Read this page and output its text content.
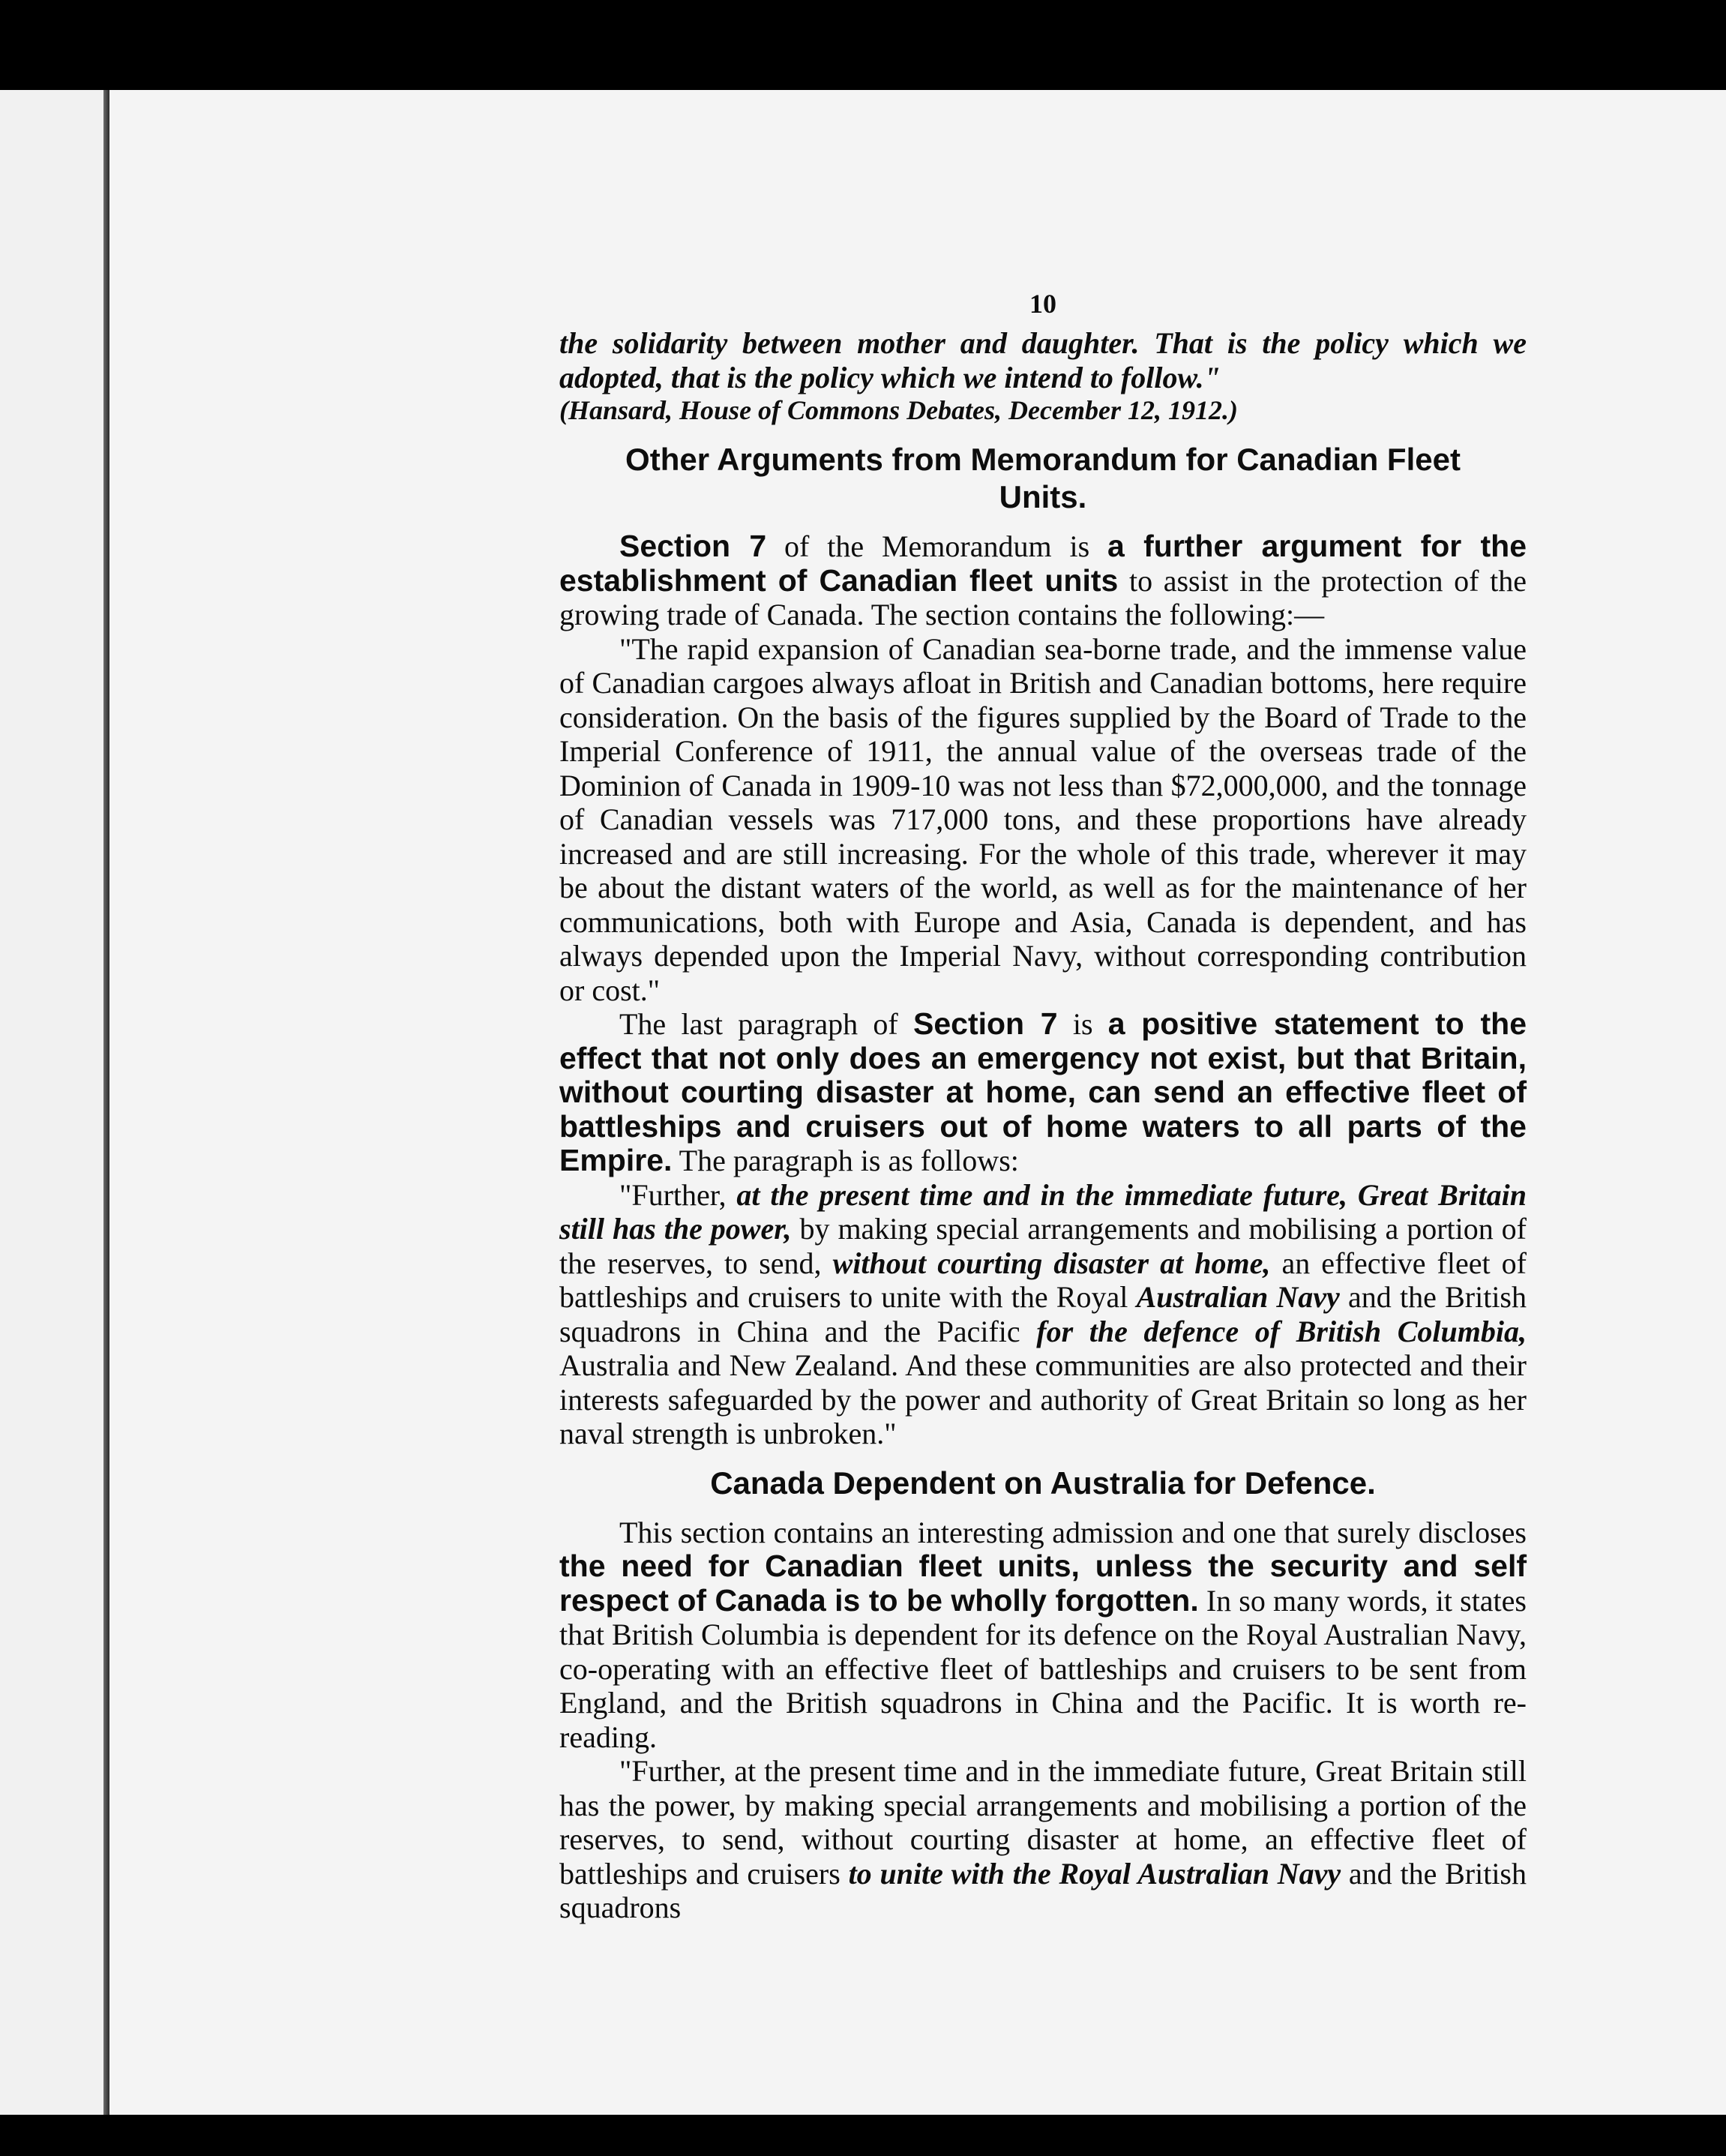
10

the solidarity between mother and daughter. That is the policy which we adopted, that is the policy which we intend to follow."

(Hansard, House of Commons Debates, December 12, 1912.)

Other Arguments from Memorandum for Canadian Fleet Units.

Section 7 of the Memorandum is a further argument for the establishment of Canadian fleet units to assist in the protection of the growing trade of Canada. The section contains the following:—

"The rapid expansion of Canadian sea-borne trade, and the immense value of Canadian cargoes always afloat in British and Canadian bottoms, here require consideration. On the basis of the figures supplied by the Board of Trade to the Imperial Conference of 1911, the annual value of the overseas trade of the Dominion of Canada in 1909-10 was not less than $72,000,000, and the tonnage of Canadian vessels was 717,000 tons, and these proportions have already increased and are still increasing. For the whole of this trade, wherever it may be about the distant waters of the world, as well as for the maintenance of her communications, both with Europe and Asia, Canada is dependent, and has always depended upon the Imperial Navy, without corresponding contribution or cost."

The last paragraph of Section 7 is a positive statement to the effect that not only does an emergency not exist, but that Britain, without courting disaster at home, can send an effective fleet of battleships and cruisers out of home waters to all parts of the Empire. The paragraph is as follows:

"Further, at the present time and in the immediate future, Great Britain still has the power, by making special arrangements and mobilising a portion of the reserves, to send, without courting disaster at home, an effective fleet of battleships and cruisers to unite with the Royal Australian Navy and the British squadrons in China and the Pacific for the defence of British Columbia, Australia and New Zealand. And these communities are also protected and their interests safeguarded by the power and authority of Great Britain so long as her naval strength is unbroken."

Canada Dependent on Australia for Defence.

This section contains an interesting admission and one that surely discloses the need for Canadian fleet units, unless the security and self respect of Canada is to be wholly forgotten. In so many words, it states that British Columbia is dependent for its defence on the Royal Australian Navy, co-operating with an effective fleet of battleships and cruisers to be sent from England, and the British squadrons in China and the Pacific. It is worth re-reading.

"Further, at the present time and in the immediate future, Great Britain still has the power, by making special arrangements and mobilising a portion of the reserves, to send, without courting disaster at home, an effective fleet of battleships and cruisers to unite with the Royal Australian Navy and the British squadrons
